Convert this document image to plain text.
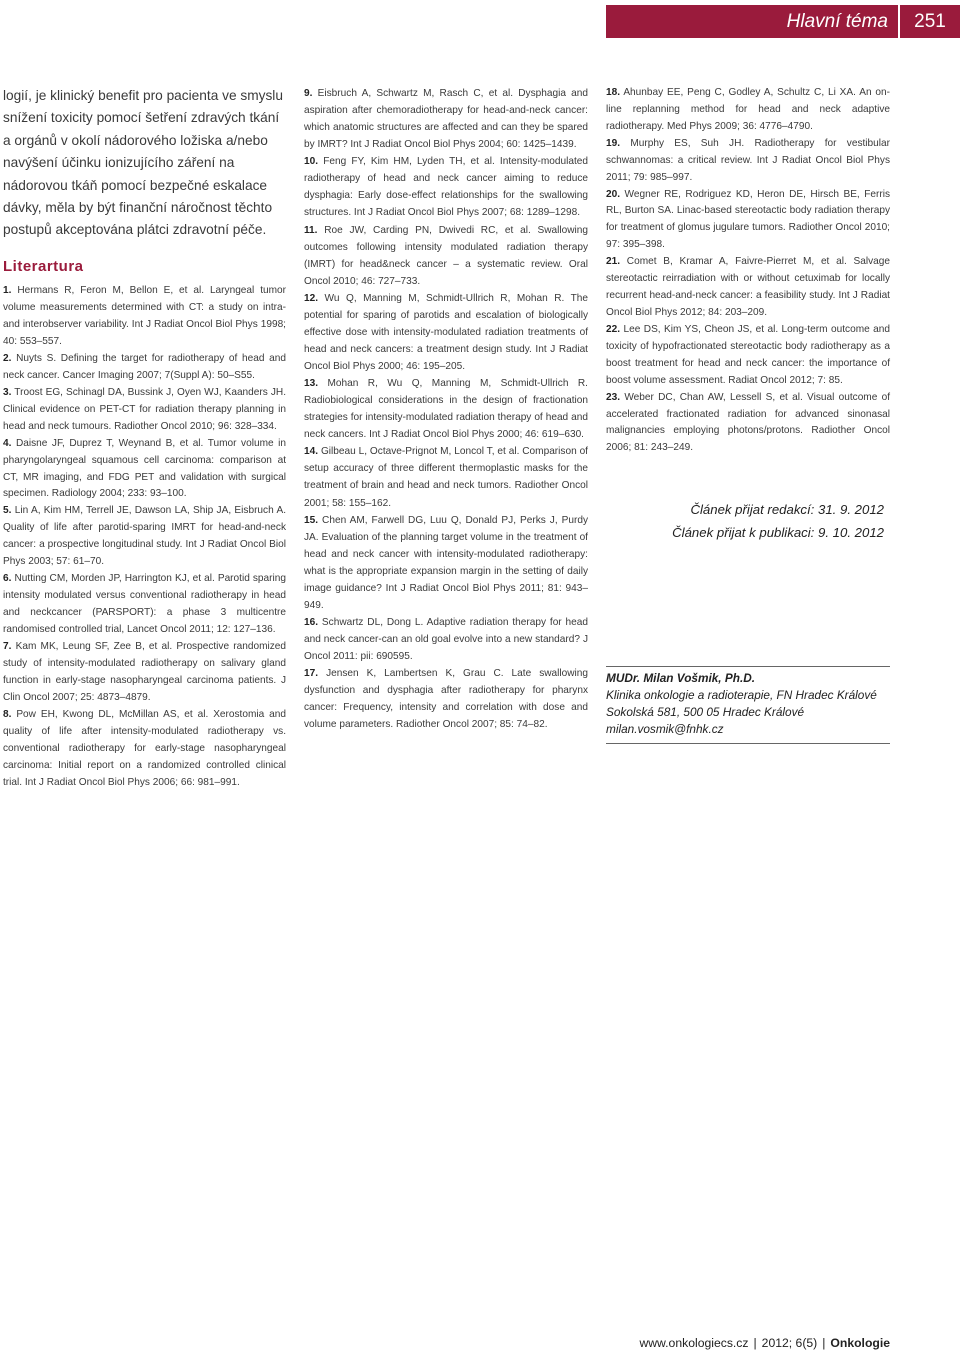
Hlavní téma	251

logií, je klinický benefit pro pacienta ve smyslu snížení toxicity pomocí šetření zdravých tkání a orgánů v okolí nádorového ložiska a/nebo navýšení účinku ionizujícího záření na nádorovou tkáň pomocí bezpečné eskalace dávky, měla by být finanční náročnost těchto postupů akceptována plátci zdravotní péče.

Literartura
1. Hermans R, Feron M, Bellon E, et al. Laryngeal tumor volume measurements determined with CT: a study on intra- and interobserver variability. Int J Radiat Oncol Biol Phys 1998; 40: 553–557.
2. Nuyts S. Defining the target for radiotherapy of head and neck cancer. Cancer Imaging 2007; 7(Suppl A): 50–S55.
3. Troost EG, Schinagl DA, Bussink J, Oyen WJ, Kaanders JH. Clinical evidence on PET-CT for radiation therapy planning in head and neck tumours. Radiother Oncol 2010; 96: 328–334.
4. Daisne JF, Duprez T, Weynand B, et al. Tumor volume in pharyngolaryngeal squamous cell carcinoma: comparison at CT, MR imaging, and FDG PET and validation with surgical specimen. Radiology 2004; 233: 93–100.
5. Lin A, Kim HM, Terrell JE, Dawson LA, Ship JA, Eisbruch A. Quality of life after parotid-sparing IMRT for head-and-neck cancer: a prospective longitudinal study. Int J Radiat Oncol Biol Phys 2003; 57: 61–70.
6. Nutting CM, Morden JP, Harrington KJ, et al. Parotid sparing intensity modulated versus conventional radiotherapy in head and neckcancer (PARSPORT): a phase 3 multicentre randomised controlled trial, Lancet Oncol 2011; 12: 127–136.
7. Kam MK, Leung SF, Zee B, et al. Prospective randomized study of intensity-modulated radiotherapy on salivary gland function in early-stage nasopharyngeal carcinoma patients. J Clin Oncol 2007; 25: 4873–4879.
8. Pow EH, Kwong DL, McMillan AS, et al. Xerostomia and quality of life after intensity-modulated radiotherapy vs. conventional radiotherapy for early-stage nasopharyngeal carcinoma: Initial report on a randomized controlled clinical trial. Int J Radiat Oncol Biol Phys 2006; 66: 981–991.
9. Eisbruch A, Schwartz M, Rasch C, et al. Dysphagia and aspiration after chemoradiotherapy for head-and-neck cancer: which anatomic structures are affected and can they be spared by IMRT? Int J Radiat Oncol Biol Phys 2004; 60: 1425–1439.
10. Feng FY, Kim HM, Lyden TH, et al. Intensity-modulated radiotherapy of head and neck cancer aiming to reduce dysphagia: Early dose-effect relationships for the swallowing structures. Int J Radiat Oncol Biol Phys 2007; 68: 1289–1298.
11. Roe JW, Carding PN, Dwivedi RC, et al. Swallowing outcomes following intensity modulated radiation therapy (IMRT) for head&neck cancer – a systematic review. Oral Oncol 2010; 46: 727–733.
12. Wu Q, Manning M, Schmidt-Ullrich R, Mohan R. The potential for sparing of parotids and escalation of biologically effective dose with intensity-modulated radiation treatments of head and neck cancers: a treatment design study. Int J Radiat Oncol Biol Phys 2000; 46: 195–205.
13. Mohan R, Wu Q, Manning M, Schmidt-Ullrich R. Radiobiological considerations in the design of fractionation strategies for intensity-modulated radiation therapy of head and neck cancers. Int J Radiat Oncol Biol Phys 2000; 46: 619–630.
14. Gilbeau L, Octave-Prignot M, Loncol T, et al. Comparison of setup accuracy of three different thermoplastic masks for the treatment of brain and head and neck tumors. Radiother Oncol 2001; 58: 155–162.
15. Chen AM, Farwell DG, Luu Q, Donald PJ, Perks J, Purdy JA. Evaluation of the planning target volume in the treatment of head and neck cancer with intensity-modulated radiotherapy: what is the appropriate expansion margin in the setting of daily image guidance? Int J Radiat Oncol Biol Phys 2011; 81: 943–949.
16. Schwartz DL, Dong L. Adaptive radiation therapy for head and neck cancer-can an old goal evolve into a new standard? J Oncol 2011: pii: 690595.
17. Jensen K, Lambertsen K, Grau C. Late swallowing dysfunction and dysphagia after radiotherapy for pharynx cancer: Frequency, intensity and correlation with dose and volume parameters. Radiother Oncol 2007; 85: 74–82.
18. Ahunbay EE, Peng C, Godley A, Schultz C, Li XA. An on-line replanning method for head and neck adaptive radiotherapy. Med Phys 2009; 36: 4776–4790.
19. Murphy ES, Suh JH. Radiotherapy for vestibular schwannomas: a critical review. Int J Radiat Oncol Biol Phys 2011; 79: 985–997.
20. Wegner RE, Rodriguez KD, Heron DE, Hirsch BE, Ferris RL, Burton SA. Linac-based stereotactic body radiation therapy for treatment of glomus jugulare tumors. Radiother Oncol 2010; 97: 395–398.
21. Comet B, Kramar A, Faivre-Pierret M, et al. Salvage stereotactic reirradiation with or without cetuximab for locally recurrent head-and-neck cancer: a feasibility study. Int J Radiat Oncol Biol Phys 2012; 84: 203–209.
22. Lee DS, Kim YS, Cheon JS, et al. Long-term outcome and toxicity of hypofractionated stereotactic body radiotherapy as a boost treatment for head and neck cancer: the importance of boost volume assessment. Radiat Oncol 2012; 7: 85.
23. Weber DC, Chan AW, Lessell S, et al. Visual outcome of accelerated fractionated radiation for advanced sinonasal malignancies employing photons/protons. Radiother Oncol 2006; 81: 243–249.
Článek přijat redakcí: 31. 9. 2012
Článek přijat k publikaci: 9. 10. 2012
MUDr. Milan Vošmik, Ph.D.
Klinika onkologie a radioterapie, FN Hradec Králové
Sokolská 581, 500 05 Hradec Králové
milan.vosmik@fnhk.cz
www.onkologiecs.cz | 2012; 6(5) | Onkologie
